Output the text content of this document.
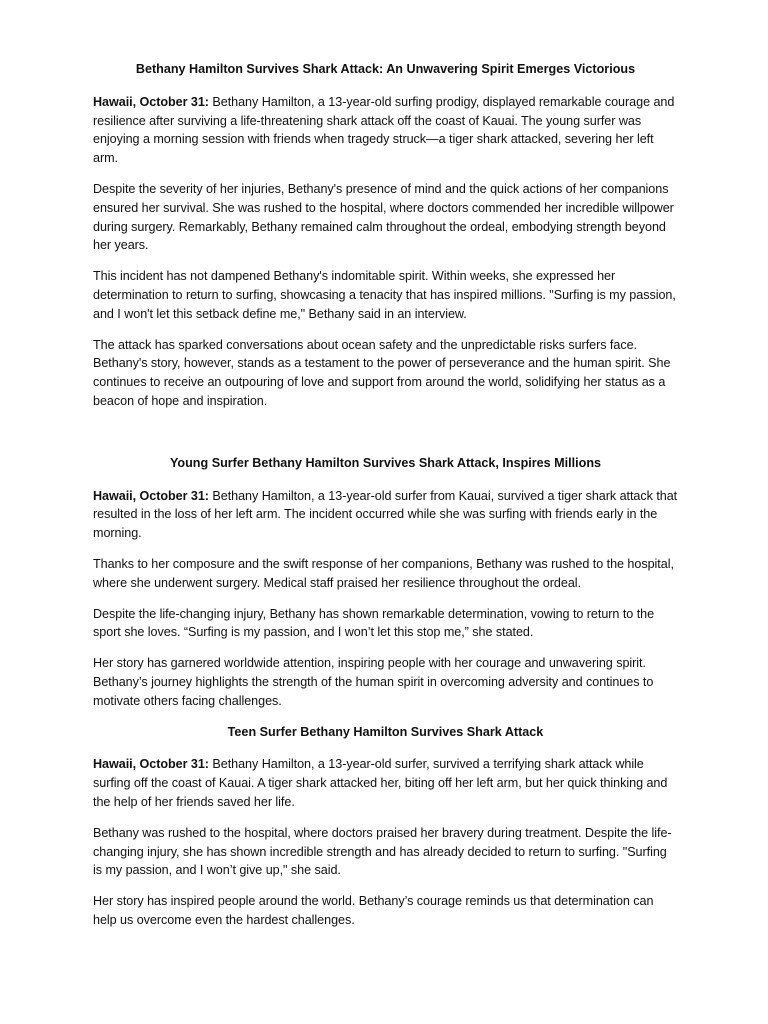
Bethany Hamilton Survives Shark Attack: An Unwavering Spirit Emerges Victorious

Hawaii, October 31: Bethany Hamilton, a 13-year-old surfing prodigy, displayed remarkable courage and resilience after surviving a life-threatening shark attack off the coast of Kauai. The young surfer was enjoying a morning session with friends when tragedy struck—a tiger shark attacked, severing her left arm.

Despite the severity of her injuries, Bethany's presence of mind and the quick actions of her companions ensured her survival. She was rushed to the hospital, where doctors commended her incredible willpower during surgery. Remarkably, Bethany remained calm throughout the ordeal, embodying strength beyond her years.

This incident has not dampened Bethany's indomitable spirit. Within weeks, she expressed her determination to return to surfing, showcasing a tenacity that has inspired millions. "Surfing is my passion, and I won't let this setback define me," Bethany said in an interview.

The attack has sparked conversations about ocean safety and the unpredictable risks surfers face. Bethany's story, however, stands as a testament to the power of perseverance and the human spirit. She continues to receive an outpouring of love and support from around the world, solidifying her status as a beacon of hope and inspiration.

Young Surfer Bethany Hamilton Survives Shark Attack, Inspires Millions

Hawaii, October 31: Bethany Hamilton, a 13-year-old surfer from Kauai, survived a tiger shark attack that resulted in the loss of her left arm. The incident occurred while she was surfing with friends early in the morning.

Thanks to her composure and the swift response of her companions, Bethany was rushed to the hospital, where she underwent surgery. Medical staff praised her resilience throughout the ordeal.

Despite the life-changing injury, Bethany has shown remarkable determination, vowing to return to the sport she loves. “Surfing is my passion, and I won’t let this stop me,” she stated.

Her story has garnered worldwide attention, inspiring people with her courage and unwavering spirit. Bethany’s journey highlights the strength of the human spirit in overcoming adversity and continues to motivate others facing challenges.

Teen Surfer Bethany Hamilton Survives Shark Attack

Hawaii, October 31: Bethany Hamilton, a 13-year-old surfer, survived a terrifying shark attack while surfing off the coast of Kauai. A tiger shark attacked her, biting off her left arm, but her quick thinking and the help of her friends saved her life.

Bethany was rushed to the hospital, where doctors praised her bravery during treatment. Despite the life-changing injury, she has shown incredible strength and has already decided to return to surfing. "Surfing is my passion, and I won’t give up," she said.

Her story has inspired people around the world. Bethany’s courage reminds us that determination can help us overcome even the hardest challenges.
